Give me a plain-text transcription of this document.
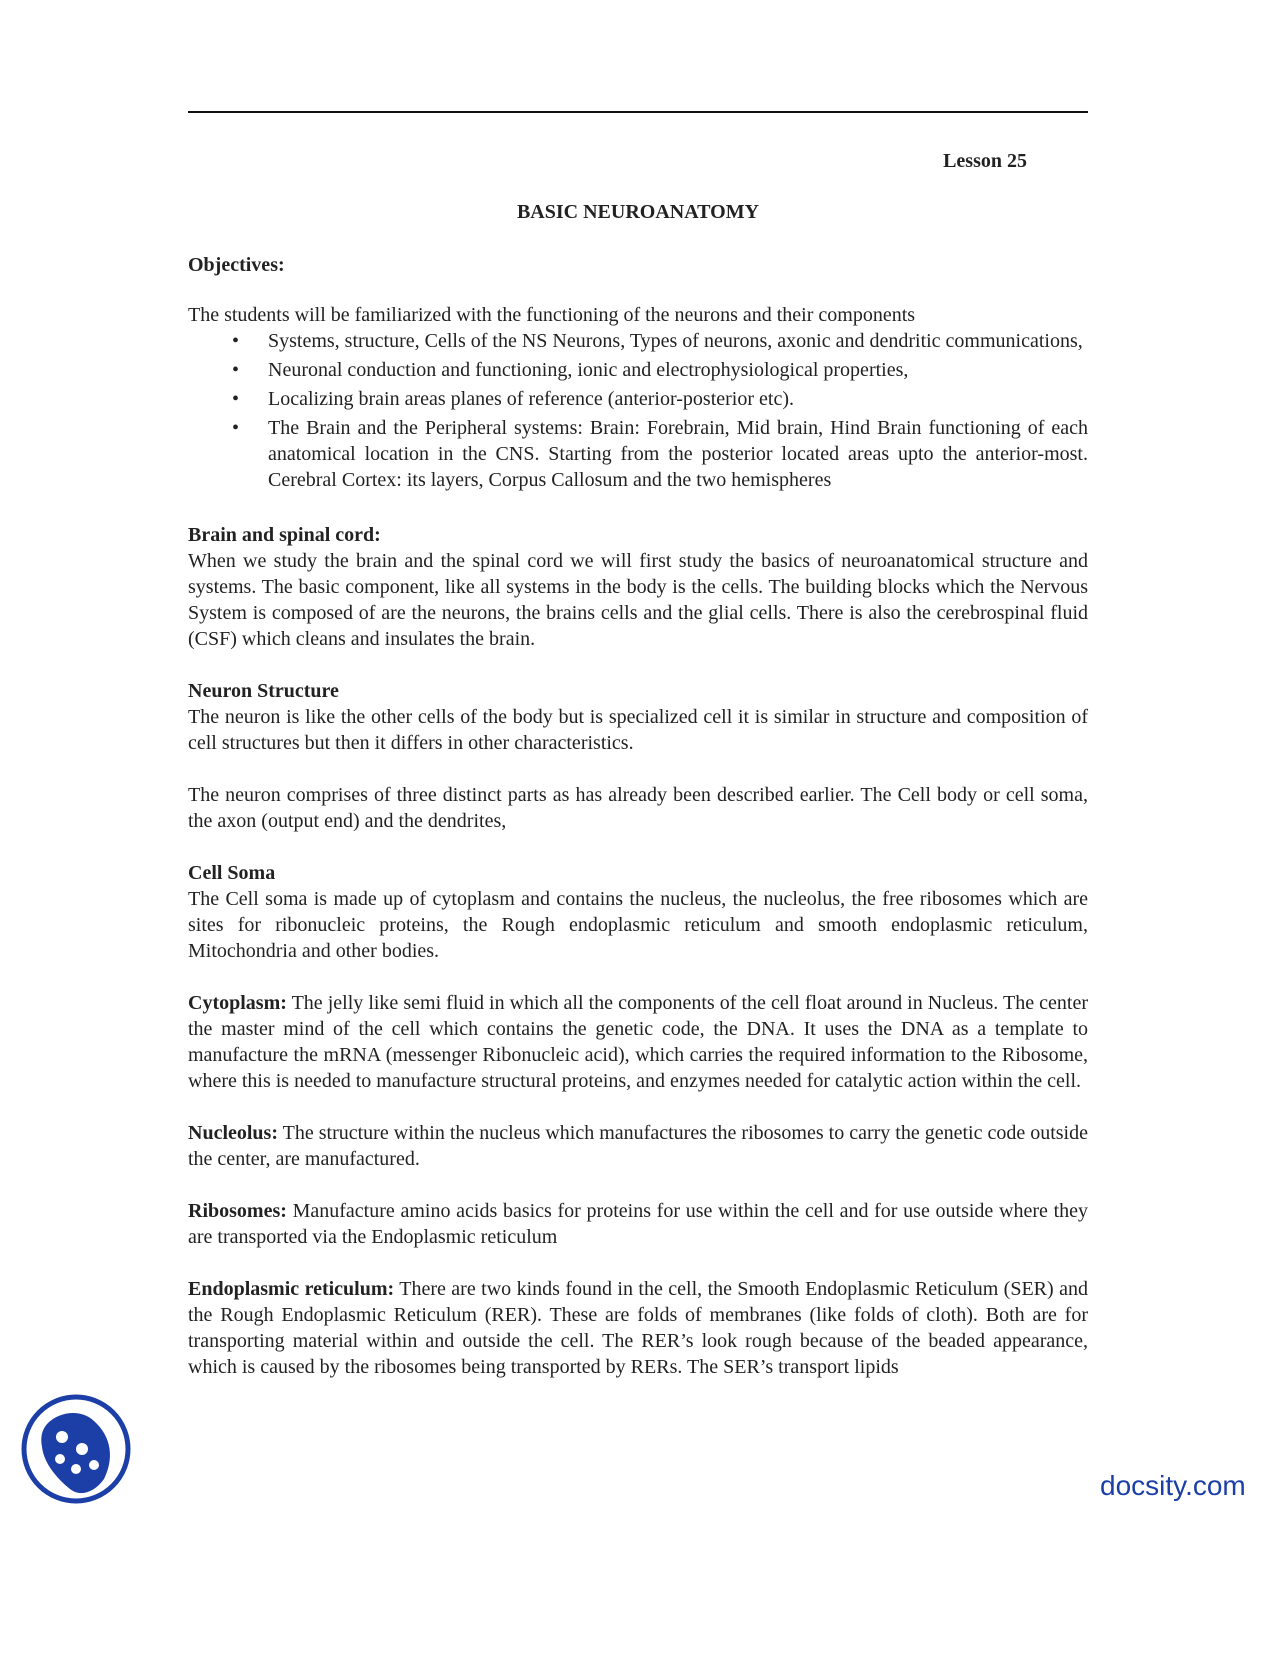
Lesson 25
BASIC NEUROANATOMY

Objectives:

The students will be familiarized with the functioning of the neurons and their components

• Systems, structure, Cells of the NS Neurons, Types of neurons, axonic and dendritic communications,
• Neuronal conduction and functioning, ionic and electrophysiological properties,
• Localizing brain areas planes of reference (anterior-posterior etc).
• The Brain and the Peripheral systems: Brain: Forebrain, Mid brain, Hind Brain functioning of each anatomical location in the CNS. Starting from the posterior located areas upto the anterior-most. Cerebral Cortex: its layers, Corpus Callosum and the two hemispheres

Brain and spinal cord:

When we study the brain and the spinal cord we will first study the basics of neuroanatomical structure and systems. The basic component, like all systems in the body is the cells. The building blocks which the Nervous System is composed of are the neurons, the brains cells and the glial cells. There is also the cerebrospinal fluid (CSF) which cleans and insulates the brain.

Neuron Structure

The neuron is like the other cells of the body but is specialized cell it is similar in structure and composition of cell structures but then it differs in other characteristics.

The neuron comprises of three distinct parts as has already been described earlier. The Cell body or cell soma, the axon (output end) and the dendrites,

Cell Soma

The Cell soma is made up of cytoplasm and contains the nucleus, the nucleolus, the free ribosomes which are sites for ribonucleic proteins, the Rough endoplasmic reticulum and smooth endoplasmic reticulum, Mitochondria and other bodies.

Cytoplasm: The jelly like semi fluid in which all the components of the cell float around in Nucleus. The center the master mind of the cell which contains the genetic code, the DNA. It uses the DNA as a template to manufacture the mRNA (messenger Ribonucleic acid), which carries the required information to the Ribosome, where this is needed to manufacture structural proteins, and enzymes needed for catalytic action within the cell.

Nucleolus: The structure within the nucleus which manufactures the ribosomes to carry the genetic code outside the center, are manufactured.

Ribosomes: Manufacture amino acids basics for proteins for use within the cell and for use outside where they are transported via the Endoplasmic reticulum

Endoplasmic reticulum: There are two kinds found in the cell, the Smooth Endoplasmic Reticulum (SER) and the Rough Endoplasmic Reticulum (RER). These are folds of membranes (like folds of cloth). Both are for transporting material within and outside the cell. The RER’s look rough because of the beaded appearance, which is caused by the ribosomes being transported by RERs. The SER’s transport lipids

docsity.com
